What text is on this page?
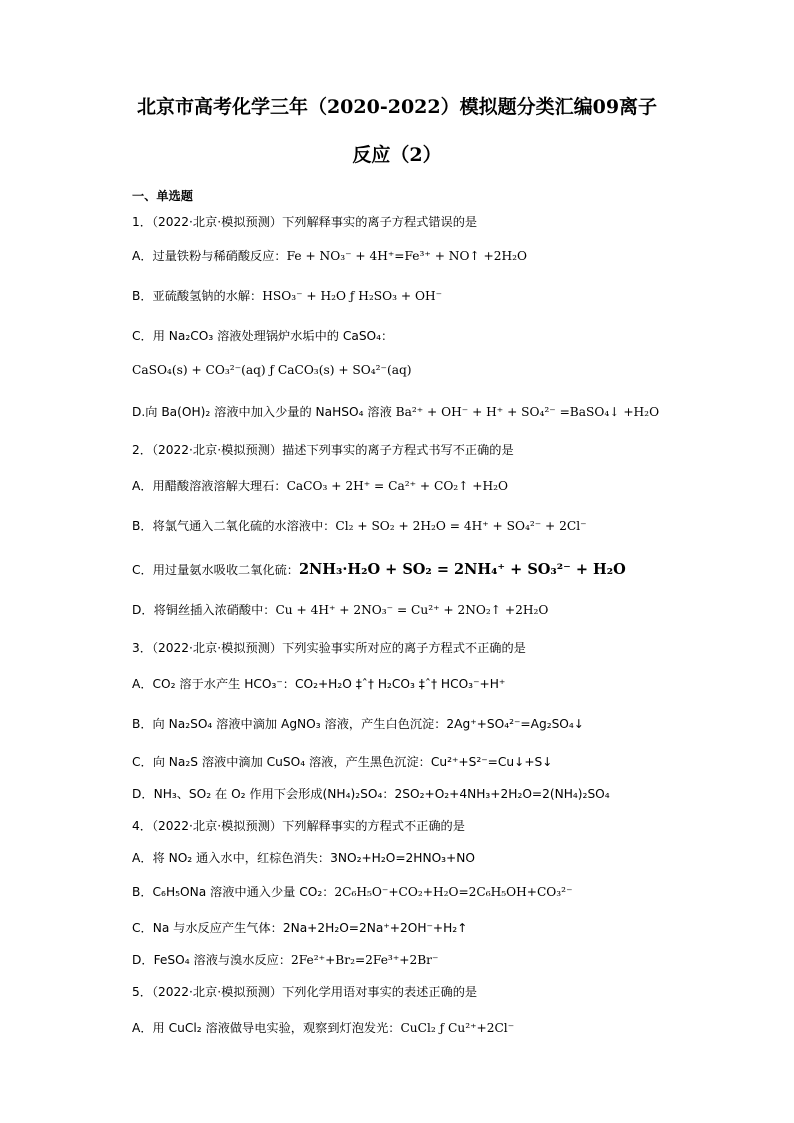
北京市高考化学三年（2020-2022）模拟题分类汇编09离子
反应（2）
一、单选题
1．（2022·北京·模拟预测）下列解释事实的离子方程式错误的是
A．过量铁粉与稀硝酸反应：Fe + NO₃⁻ + 4H⁺=Fe³⁺ + NO↑ +2H₂O
B．亚硫酸氢钠的水解：HSO₃⁻ + H₂O ƒ H₂SO₃ + OH⁻
C．用 Na₂CO₃ 溶液处理锅炉水垢中的 CaSO₄：
CaSO₄(s) + CO₃²⁻(aq) ƒ CaCO₃(s) + SO₄²⁻(aq)
D.向 Ba(OH)₂ 溶液中加入少量的 NaHSO₄ 溶液 Ba²⁺ + OH⁻ + H⁺ + SO₄²⁻ =BaSO₄↓ +H₂O
2．（2022·北京·模拟预测）描述下列事实的离子方程式书写不正确的是
A．用醋酸溶液溶解大理石：CaCO₃ + 2H⁺ = Ca²⁺ + CO₂↑ +H₂O
B．将氯气通入二氧化硫的水溶液中：Cl₂ + SO₂ + 2H₂O = 4H⁺ + SO₄²⁻ + 2Cl⁻
C．用过量氨水吸收二氧化硫：2NH₃·H₂O + SO₂ = 2NH₄⁺ + SO₃²⁻ + H₂O
D．将铜丝插入浓硝酸中：Cu + 4H⁺ + 2NO₃⁻ = Cu²⁺ + 2NO₂↑ +2H₂O
3．（2022·北京·模拟预测）下列实验事实所对应的离子方程式不正确的是
A．CO₂ 溶于水产生 HCO₃⁻：CO₂+H₂O ‡ˆ† H₂CO₃ ‡ˆ† HCO₃⁻+H⁺
B．向 Na₂SO₄ 溶液中滴加 AgNO₃ 溶液，产生白色沉淀：2Ag⁺+SO₄²⁻=Ag₂SO₄↓
C．向 Na₂S 溶液中滴加 CuSO₄ 溶液，产生黑色沉淀：Cu²⁺+S²⁻=Cu↓+S↓
D．NH₃、SO₂ 在 O₂ 作用下会形成(NH₄)₂SO₄：2SO₂+O₂+4NH₃+2H₂O=2(NH₄)₂SO₄
4．（2022·北京·模拟预测）下列解释事实的方程式不正确的是
A．将 NO₂ 通入水中，红棕色消失：3NO₂+H₂O=2HNO₃+NO
B．C₆H₅ONa 溶液中通入少量 CO₂：2C₆H₅O⁻+CO₂+H₂O=2C₆H₅OH+CO₃²⁻
C．Na 与水反应产生气体：2Na+2H₂O=2Na⁺+2OH⁻+H₂↑
D．FeSO₄ 溶液与溴水反应：2Fe²⁺+Br₂=2Fe³⁺+2Br⁻
5．（2022·北京·模拟预测）下列化学用语对事实的表述正确的是
A．用 CuCl₂ 溶液做导电实验，观察到灯泡发光：CuCl₂ ƒ Cu²⁺+2Cl⁻
